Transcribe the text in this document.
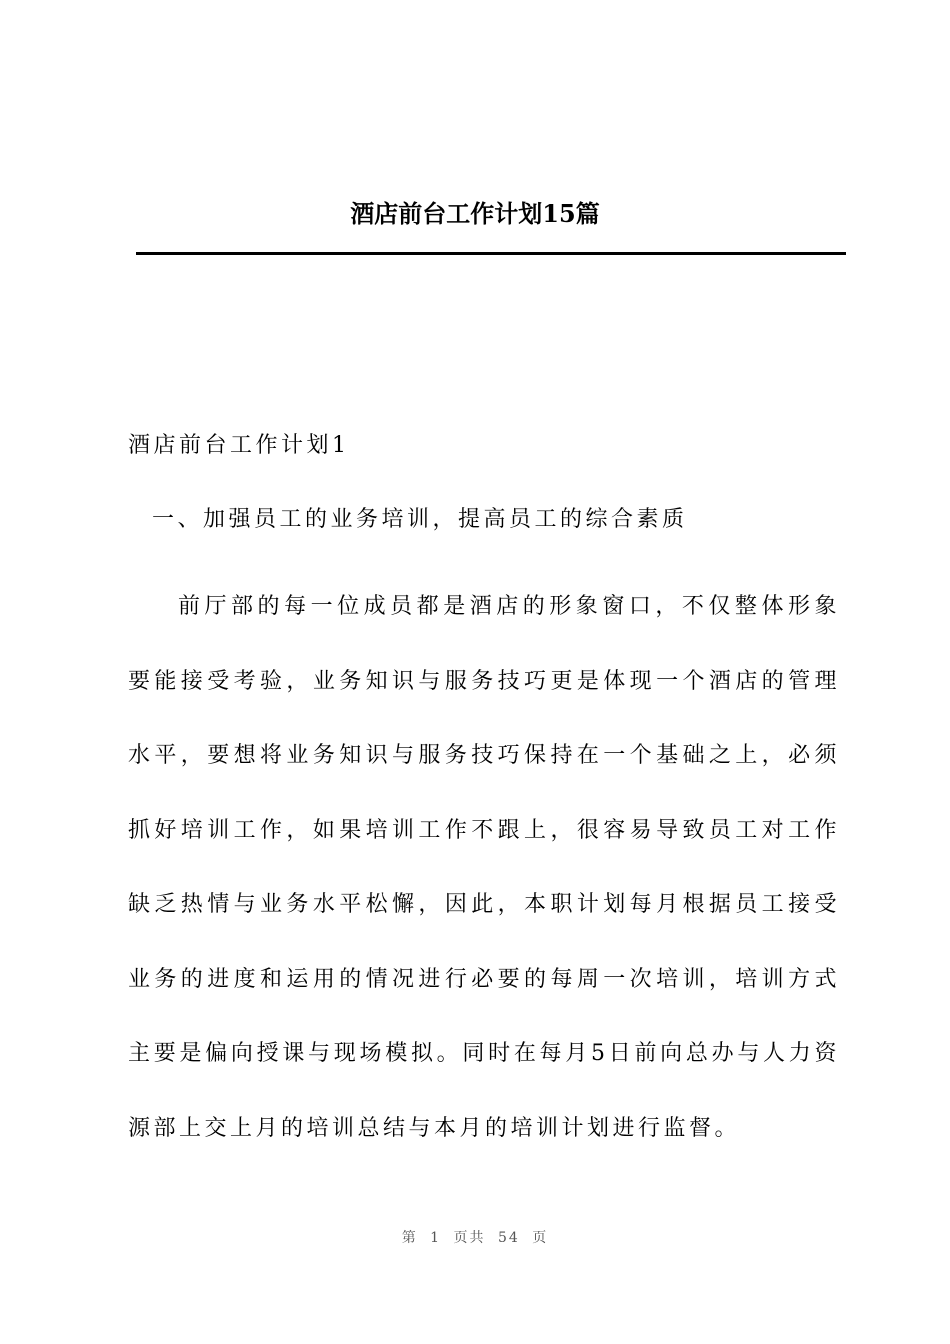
酒店前台工作计划15篇
酒店前台工作计划1
一、加强员工的业务培训，提高员工的综合素质

前厅部的每一位成员都是酒店的形象窗口，不仅整体形象要能接受考验，业务知识与服务技巧更是体现一个酒店的管理水平，要想将业务知识与服务技巧保持在一个基础之上，必须抓好培训工作，如果培训工作不跟上，很容易导致员工对工作缺乏热情与业务水平松懈，因此，本职计划每月根据员工接受业务的进度和运用的情况进行必要的每周一次培训，培训方式主要是偏向授课与现场模拟。同时在每月5日前向总办与人力资源部上交上月的培训总结与本月的培训计划进行监督。

第 1 页共 54 页
